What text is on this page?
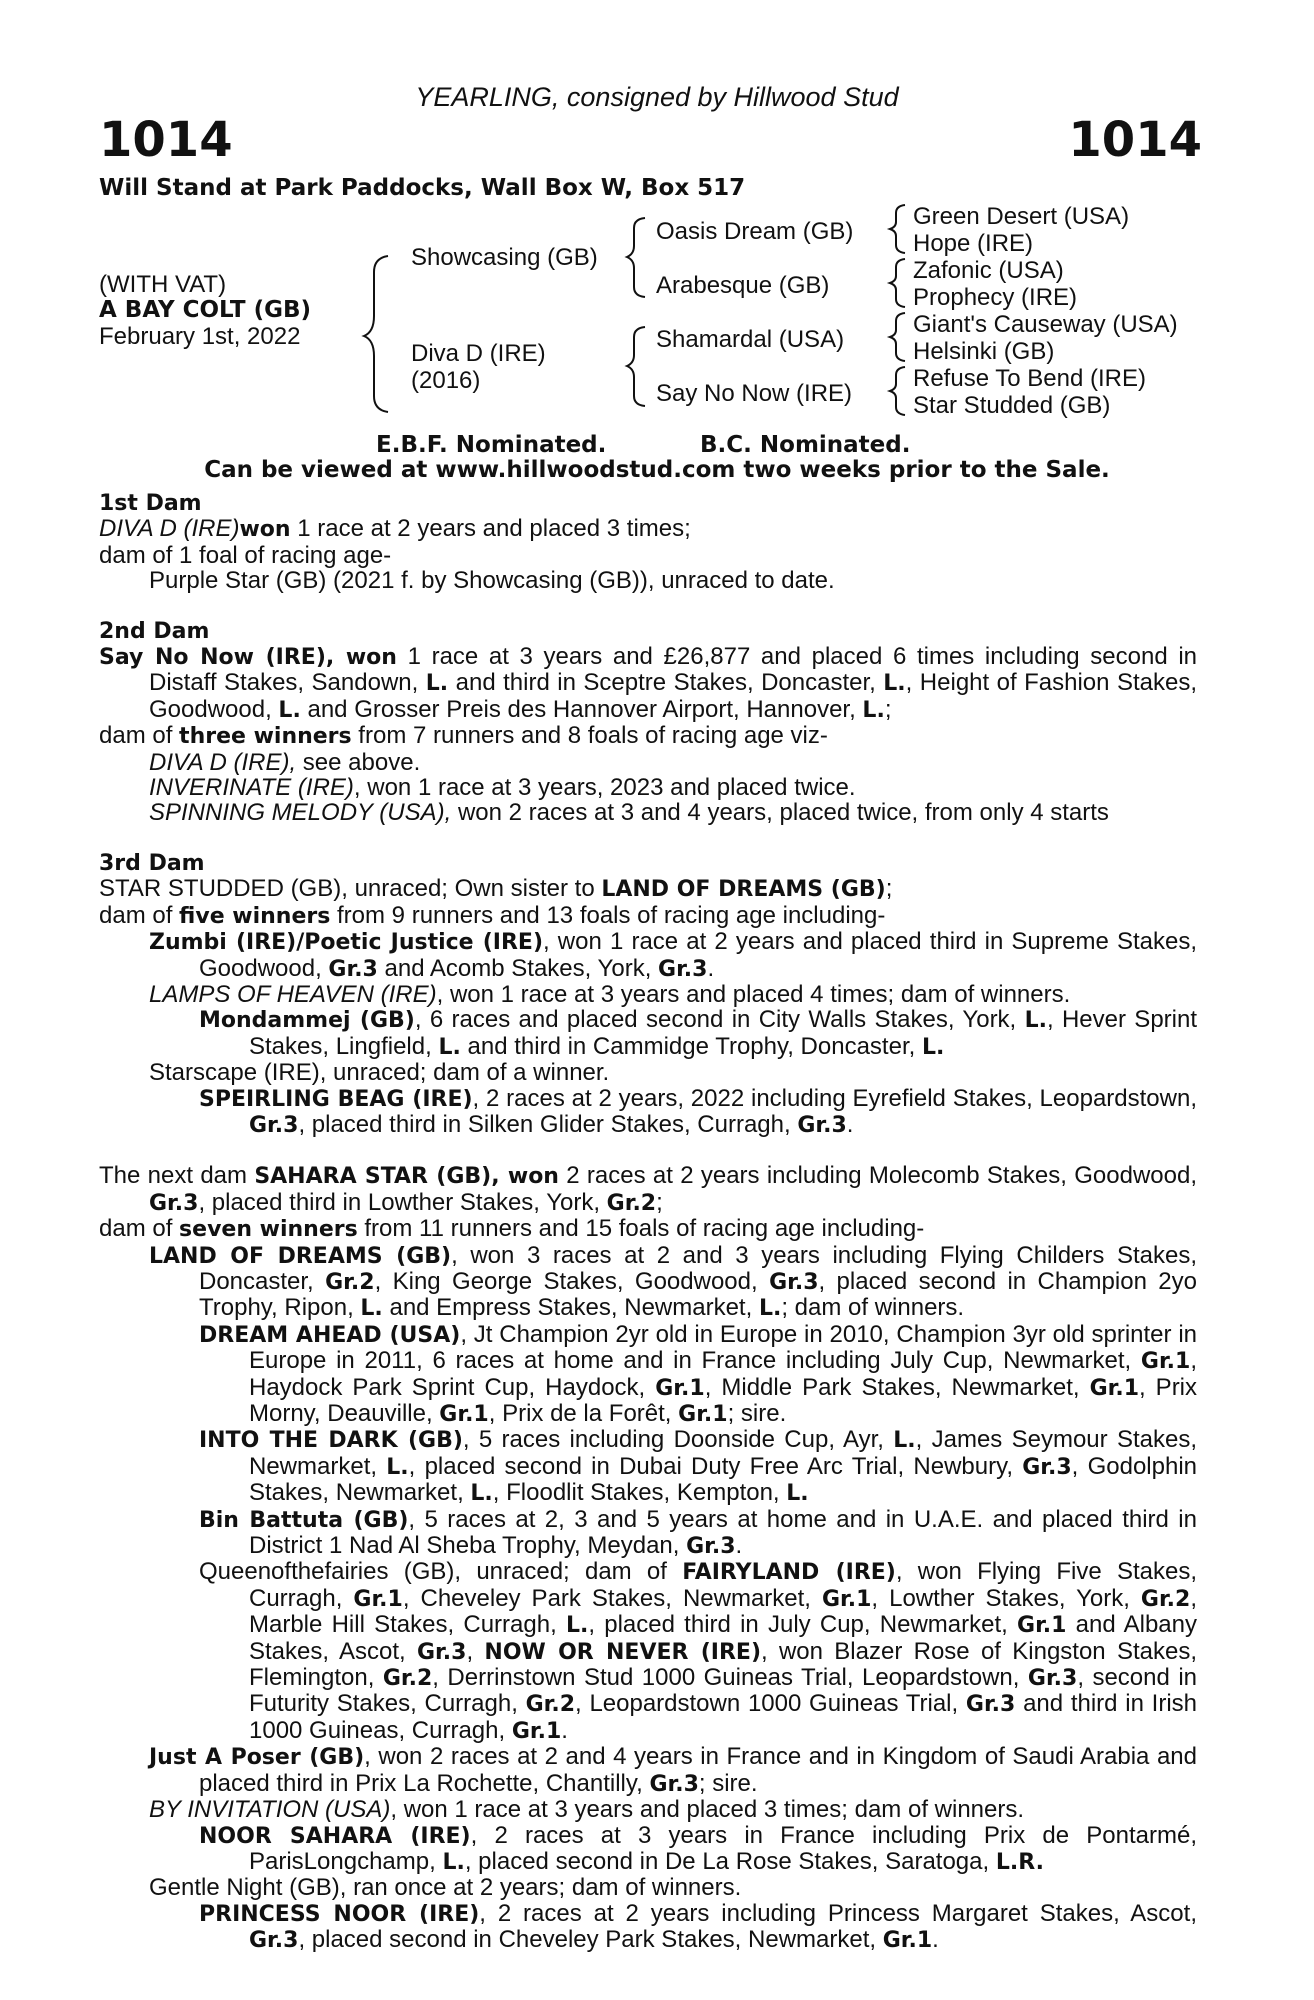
YEARLING, consigned by Hillwood Stud
1014	1014
Will Stand at Park Paddocks, Wall Box W, Box 517
(WITH VAT)
A BAY COLT (GB)
February 1st, 2022
Showcasing (GB)
Diva D (IRE)
(2016)
Oasis Dream (GB)
Arabesque (GB)
Shamardal (USA)
Say No Now (IRE)
Green Desert (USA)
Hope (IRE)
Zafonic (USA)
Prophecy (IRE)
Giant's Causeway (USA)
Helsinki (GB)
Refuse To Bend (IRE)
Star Studded (GB)
E.B.F. Nominated.	B.C. Nominated.
Can be viewed at www.hillwoodstud.com two weeks prior to the Sale.

1st Dam

DIVA D (IRE)won 1 race at 2 years and placed 3 times;

dam of 1 foal of racing age-

Purple Star (GB) (2021 f. by Showcasing (GB)), unraced to date.

2nd Dam

Say No Now (IRE), won 1 race at 3 years and £26,877 and placed 6 times including second in Distaff Stakes, Sandown, L. and third in Sceptre Stakes, Doncaster, L., Height of Fashion Stakes, Goodwood, L. and Grosser Preis des Hannover Airport, Hannover, L.;

dam of three winners from 7 runners and 8 foals of racing age viz-

DIVA D (IRE), see above.

INVERINATE (IRE), won 1 race at 3 years, 2023 and placed twice.

SPINNING MELODY (USA), won 2 races at 3 and 4 years, placed twice, from only 4 starts

3rd Dam

STAR STUDDED (GB), unraced; Own sister to LAND OF DREAMS (GB);

dam of five winners from 9 runners and 13 foals of racing age including-

Zumbi (IRE)/Poetic Justice (IRE), won 1 race at 2 years and placed third in Supreme Stakes, Goodwood, Gr.3 and Acomb Stakes, York, Gr.3.

LAMPS OF HEAVEN (IRE), won 1 race at 3 years and placed 4 times; dam of winners.

Mondammej (GB), 6 races and placed second in City Walls Stakes, York, L., Hever Sprint Stakes, Lingfield, L. and third in Cammidge Trophy, Doncaster, L.

Starscape (IRE), unraced; dam of a winner.

SPEIRLING BEAG (IRE), 2 races at 2 years, 2022 including Eyrefield Stakes, Leopardstown, Gr.3, placed third in Silken Glider Stakes, Curragh, Gr.3.

The next dam SAHARA STAR (GB), won 2 races at 2 years including Molecomb Stakes, Goodwood, Gr.3, placed third in Lowther Stakes, York, Gr.2;

dam of seven winners from 11 runners and 15 foals of racing age including-

LAND OF DREAMS (GB), won 3 races at 2 and 3 years including Flying Childers Stakes, Doncaster, Gr.2, King George Stakes, Goodwood, Gr.3, placed second in Champion 2yo Trophy, Ripon, L. and Empress Stakes, Newmarket, L.; dam of winners.

DREAM AHEAD (USA), Jt Champion 2yr old in Europe in 2010, Champion 3yr old sprinter in Europe in 2011, 6 races at home and in France including July Cup, Newmarket, Gr.1, Haydock Park Sprint Cup, Haydock, Gr.1, Middle Park Stakes, Newmarket, Gr.1, Prix Morny, Deauville, Gr.1, Prix de la Forêt, Gr.1; sire.

INTO THE DARK (GB), 5 races including Doonside Cup, Ayr, L., James Seymour Stakes, Newmarket, L., placed second in Dubai Duty Free Arc Trial, Newbury, Gr.3, Godolphin Stakes, Newmarket, L., Floodlit Stakes, Kempton, L.

Bin Battuta (GB), 5 races at 2, 3 and 5 years at home and in U.A.E. and placed third in District 1 Nad Al Sheba Trophy, Meydan, Gr.3.

Queenofthefairies (GB), unraced; dam of FAIRYLAND (IRE), won Flying Five Stakes, Curragh, Gr.1, Cheveley Park Stakes, Newmarket, Gr.1, Lowther Stakes, York, Gr.2, Marble Hill Stakes, Curragh, L., placed third in July Cup, Newmarket, Gr.1 and Albany Stakes, Ascot, Gr.3, NOW OR NEVER (IRE), won Blazer Rose of Kingston Stakes, Flemington, Gr.2, Derrinstown Stud 1000 Guineas Trial, Leopardstown, Gr.3, second in Futurity Stakes, Curragh, Gr.2, Leopardstown 1000 Guineas Trial, Gr.3 and third in Irish 1000 Guineas, Curragh, Gr.1.

Just A Poser (GB), won 2 races at 2 and 4 years in France and in Kingdom of Saudi Arabia and placed third in Prix La Rochette, Chantilly, Gr.3; sire.

BY INVITATION (USA), won 1 race at 3 years and placed 3 times; dam of winners.

NOOR SAHARA (IRE), 2 races at 3 years in France including Prix de Pontarmé, ParisLongchamp, L., placed second in De La Rose Stakes, Saratoga, L.R.

Gentle Night (GB), ran once at 2 years; dam of winners.

PRINCESS NOOR (IRE), 2 races at 2 years including Princess Margaret Stakes, Ascot, Gr.3, placed second in Cheveley Park Stakes, Newmarket, Gr.1.
